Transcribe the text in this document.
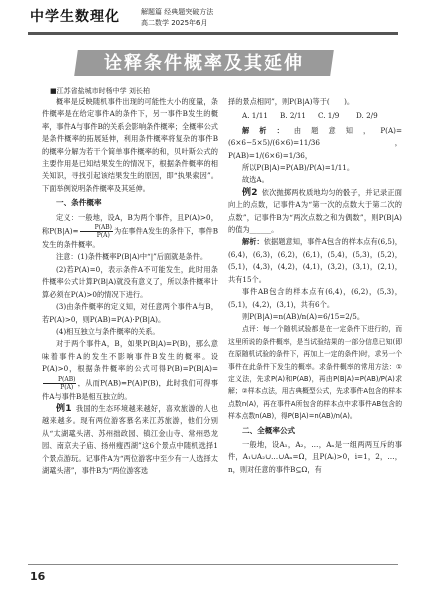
中学生数理化	解题篇 经典题突破方法
高二数学 2025年6月
诠释条件概率及其延伸
■江苏省盐城市时杨中学 刘长柏

概率是反映随机事件出现的可能性大小的度量，条件概率是在给定事件A的条件下，另一事件B发生的概率，事件A与事件B的关系会影响条件概率；全概率公式是条件概率的拓展延伸，利用条件概率将复杂的事件B的概率分解为若干个简单事件概率的和，贝叶斯公式的主要作用是已知结果发生的情况下，根据条件概率的相关知识，寻找引起该结果发生的原因，即“执果索因”。下面举例说明条件概率及其延伸。

一、条件概率

定义：一般地，设A，B为两个事件，且P(A)>0，称$P(B|A)= \frac{P(AB)}{P(A)}$ 为在事件A发生的条件下，事件B发生的条件概率。

注意：(1)条件概率P(B|A)中“|”后面就是条件。

(2)若P(A)=0，表示条件A不可能发生，此时用条件概率公式计算P(B|A)就没有意义了，所以条件概率计算必须在P(A)>0的情况下进行。

(3)由条件概率的定义知，对任意两个事件A与B，若P(A)>0，则P(AB)=P(A)·P(B|A)。

(4)相互独立与条件概率的关系。

对于两个事件A，B，如果P(B|A)=P(B)，那么意味着事件A的发生不影响事件B发生的概率。设P(A)>0，根据条件概率的公式可得P(B)=P(B|A)=
$\frac{P(AB)}{P(A)}$ ，从而P(AB)=P(A)P(B)，此时我们可得事件A与事件B是相互独立的。

例1 我国的生态环境越来越好，喜欢旅游的人也越来越多。现有两位游客慕名来江苏旅游，他们分别从“太湖鼋头渚、苏州拙政园、镇江金山寺、常州恐龙园、南京夫子庙、扬州瘦西湖”这6个景点中随机选择1个景点游玩。记事件A为“两位游客中至少有一人选择太湖鼋头渚”，事件B为“两位游客选

择的景点相同”，则P(B|A)等于(　　)。

A. 1/11 B. 2/11 C. 1/9 D. 2/9

解析：由题意知，P(A)=(6×6−5×5)/(6×6)=11/36，P(AB)=1/(6×6)=1/36，

所以P(B|A)=P(AB)/P(A)=1/11。

故选A。

例2 依次抛掷两枚质地均匀的骰子，并记录正面向上的点数，记事件A为“第一次的点数大于第二次的点数”，记事件B为“两次点数之和为偶数”，则P(B|A)的值为______。

解析：依据题意知，事件A包含的样本点有(6,5)，(6,4)，(6,3)，(6,2)，(6,1)，(5,4)，(5,3)，(5,2)，(5,1)，(4,3)，(4,2)，(4,1)，(3,2)，(3,1)，(2,1)，共有15个。

事件AB包含的样本点有(6,4)，(6,2)，(5,3)，(5,1)，(4,2)，(3,1)，共有6个。

则P(B|A)=n(AB)/n(A)=6/15=2/5。

点评：每一个随机试验都是在一定条件下进行的，而这里所说的条件概率，是当试验结果的一部分信息已知(即在原随机试验的条件下，再加上一定的条件)时，求另一个事件在此条件下发生的概率。求条件概率的常用方法：①定义法，先求P(A)和P(AB)，再由P(B|A)=P(AB)/P(A)求解；②样本点法，用古典概型公式，先求事件A包含的样本点数n(A)，再在事件A所包含的样本点中求事件AB包含的样本点数n(AB)，得P(B|A)=n(AB)/n(A)。

二、全概率公式

一般地，设A₁，A₂，…，Aₙ是一组两两互斥的事件，A₁∪A₂∪…∪Aₙ=Ω，且P(Aᵢ)>0，i=1，2，…，n，则对任意的事件B⊆Ω，有

16
